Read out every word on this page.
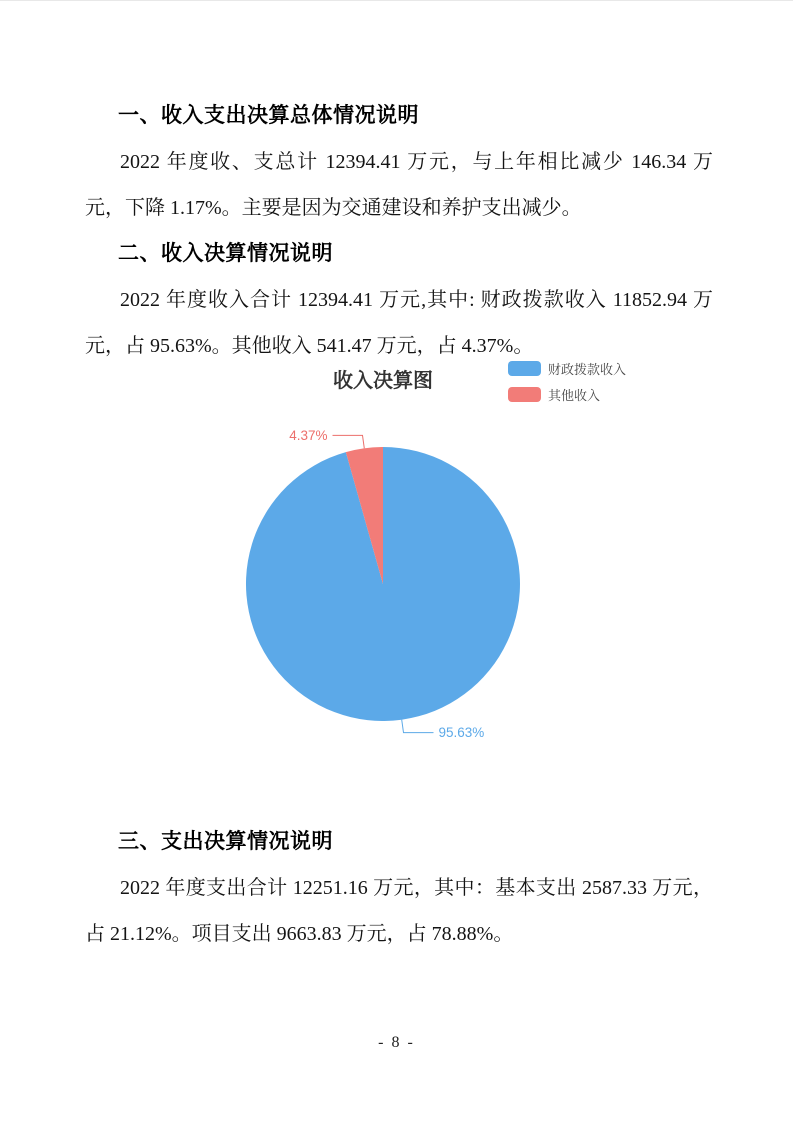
一、收入支出决算总体情况说明

2022 年度收、支总计 12394.41 万元，与上年相比减少 146.34 万元，下降 1.17%。主要是因为交通建设和养护支出减少。

二、收入决算情况说明

2022 年度收入合计 12394.41 万元,其中: 财政拨款收入 11852.94 万元，占 95.63%。其他收入 541.47 万元，占 4.37%。

收入决算图
财政拨款收入
其他收入
95.63%
4.37%
三、支出决算情况说明

2022 年度支出合计 12251.16 万元，其中：基本支出 2587.33 万元，占 21.12%。项目支出 9663.83 万元，占 78.88%。

- 8 -
